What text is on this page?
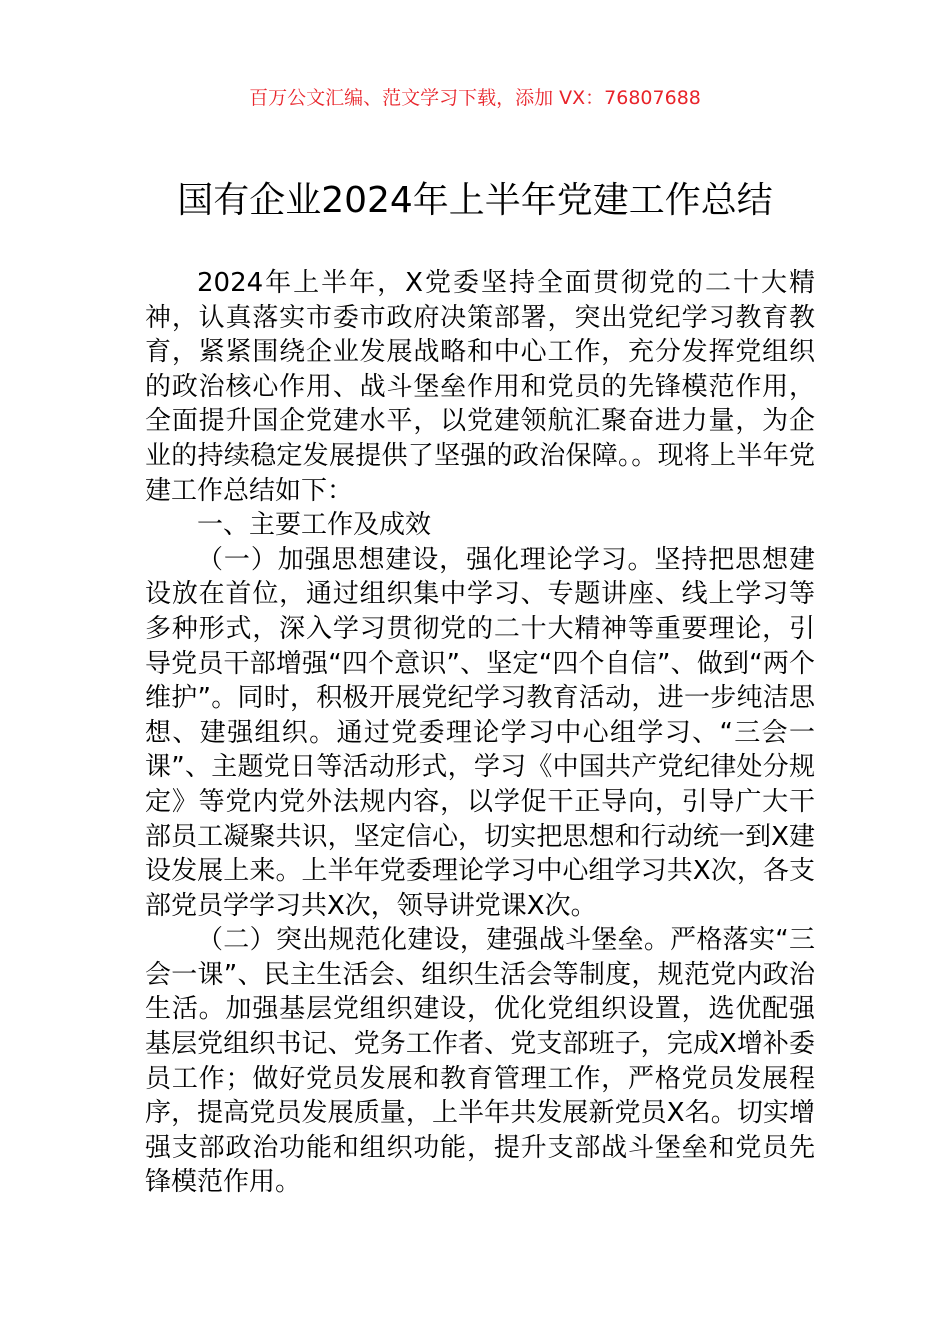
百万公文汇编、范文学习下载，添加 VX：76807688
国有企业2024年上半年党建工作总结

2024年上半年，X党委坚持全面贯彻党的二十大精神，认真落实市委市政府决策部署，突出党纪学习教育教育，紧紧围绕企业发展战略和中心工作，充分发挥党组织的政治核心作用、战斗堡垒作用和党员的先锋模范作用，全面提升国企党建水平，以党建领航汇聚奋进力量，为企业的持续稳定发展提供了坚强的政治保障。。现将上半年党建工作总结如下：

一、主要工作及成效

（一）加强思想建设，强化理论学习。坚持把思想建设放在首位，通过组织集中学习、专题讲座、线上学习等多种形式，深入学习贯彻党的二十大精神等重要理论，引导党员干部增强“四个意识”、坚定“四个自信”、做到“两个维护”。同时，积极开展党纪学习教育活动，进一步纯洁思想、建强组织。通过党委理论学习中心组学习、“三会一课”、主题党日等活动形式，学习《中国共产党纪律处分规定》等党内党外法规内容，以学促干正导向，引导广大干部员工凝聚共识，坚定信心，切实把思想和行动统一到X建设发展上来。上半年党委理论学习中心组学习共X次，各支部党员学学习共X次，领导讲党课X次。

（二）突出规范化建设，建强战斗堡垒。严格落实“三会一课”、民主生活会、组织生活会等制度，规范党内政治生活。加强基层党组织建设，优化党组织设置，选优配强基层党组织书记、党务工作者、党支部班子，完成X增补委员工作；做好党员发展和教育管理工作，严格党员发展程序，提高党员发展质量，上半年共发展新党员X名。切实增强支部政治功能和组织功能，提升支部战斗堡垒和党员先锋模范作用。
